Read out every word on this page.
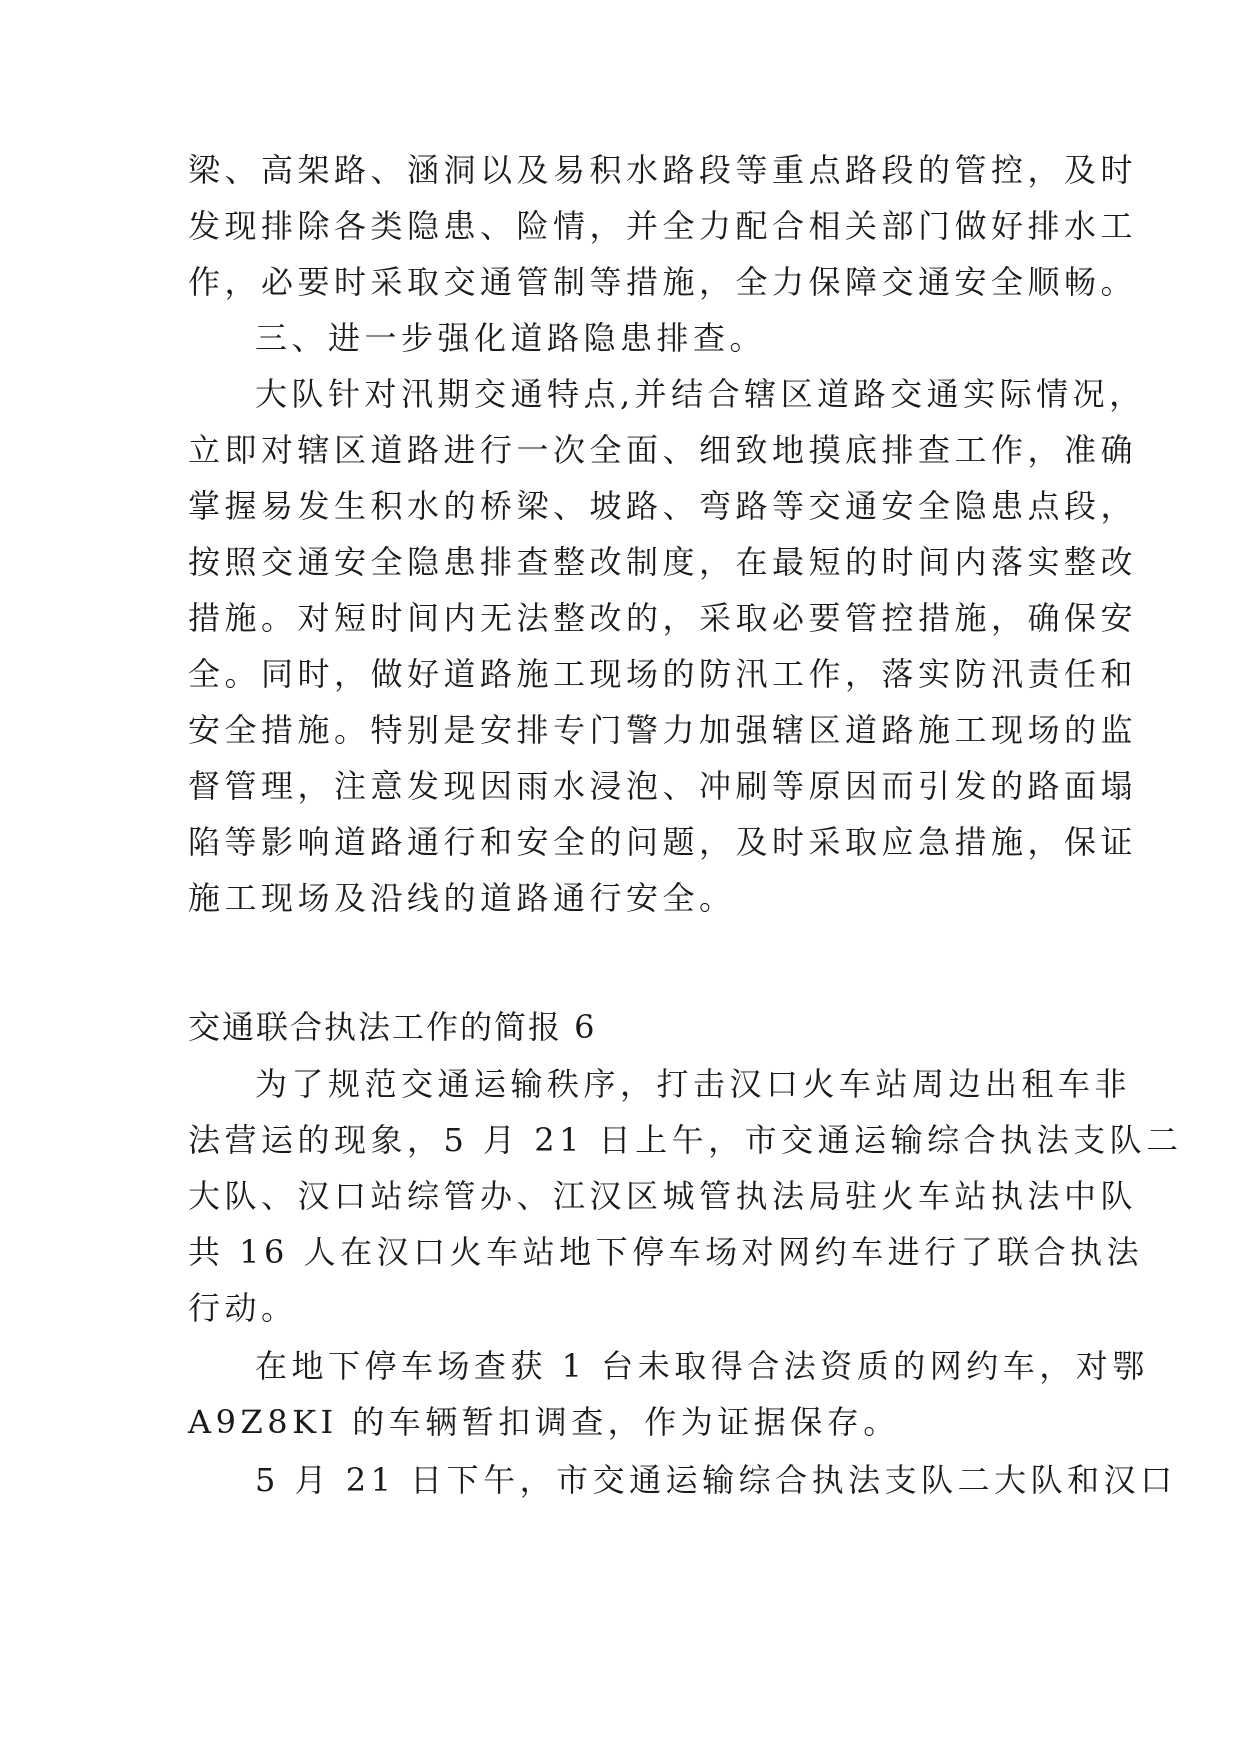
梁、高架路、涵洞以及易积水路段等重点路段的管控，及时

发现排除各类隐患、险情，并全力配合相关部门做好排水工

作，必要时采取交通管制等措施，全力保障交通安全顺畅。

三、进一步强化道路隐患排查。

大队针对汛期交通特点,并结合辖区道路交通实际情况，

立即对辖区道路进行一次全面、细致地摸底排查工作，准确

掌握易发生积水的桥梁、坡路、弯路等交通安全隐患点段，

按照交通安全隐患排查整改制度，在最短的时间内落实整改

措施。对短时间内无法整改的，采取必要管控措施，确保安

全。同时，做好道路施工现场的防汛工作，落实防汛责任和

安全措施。特别是安排专门警力加强辖区道路施工现场的监

督管理，注意发现因雨水浸泡、冲刷等原因而引发的路面塌

陷等影响道路通行和安全的问题，及时采取应急措施，保证

施工现场及沿线的道路通行安全。

交通联合执法工作的简报 6

为了规范交通运输秩序，打击汉口火车站周边出租车非

法营运的现象，5 月 21 日上午，市交通运输综合执法支队二

大队、汉口站综管办、江汉区城管执法局驻火车站执法中队

共 16 人在汉口火车站地下停车场对网约车进行了联合执法

行动。

在地下停车场查获 1 台未取得合法资质的网约车，对鄂

A9Z8KI 的车辆暂扣调查，作为证据保存。

5 月 21 日下午，市交通运输综合执法支队二大队和汉口
